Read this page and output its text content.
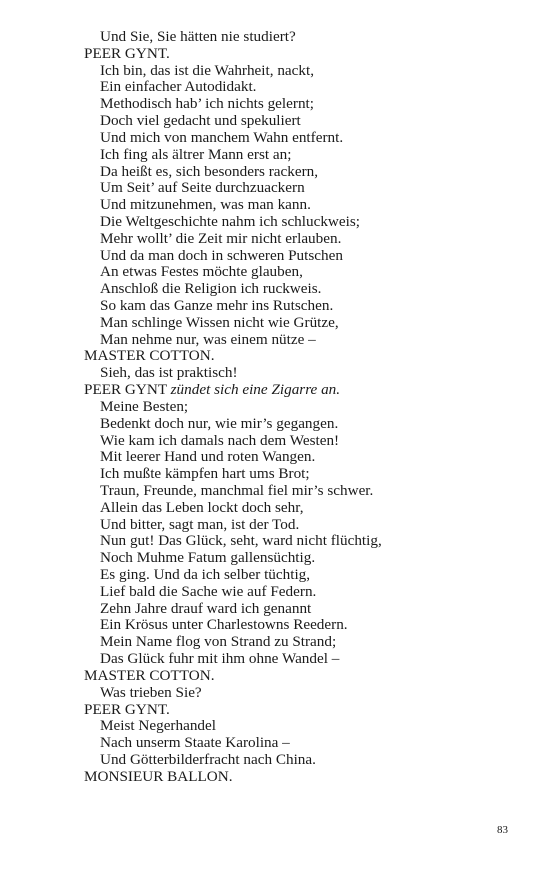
Und Sie, Sie hätten nie studiert?
PEER GYNT.
Ich bin, das ist die Wahrheit, nackt,
Ein einfacher Autodidakt.
Methodisch hab’ ich nichts gelernt;
Doch viel gedacht und spekuliert
Und mich von manchem Wahn entfernt.
Ich fing als ältrer Mann erst an;
Da heißt es, sich besonders rackern,
Um Seit’ auf Seite durchzuackern
Und mitzunehmen, was man kann.
Die Weltgeschichte nahm ich schluckweis;
Mehr wollt’ die Zeit mir nicht erlauben.
Und da man doch in schweren Putschen
An etwas Festes möchte glauben,
Anschloß die Religion ich ruckweis.
So kam das Ganze mehr ins Rutschen.
Man schlinge Wissen nicht wie Grütze,
Man nehme nur, was einem nütze –
MASTER COTTON.
Sieh, das ist praktisch!
PEER GYNT zündet sich eine Zigarre an.
Meine Besten;
Bedenkt doch nur, wie mir’s gegangen.
Wie kam ich damals nach dem Westen!
Mit leerer Hand und roten Wangen.
Ich mußte kämpfen hart ums Brot;
Traun, Freunde, manchmal fiel mir’s schwer.
Allein das Leben lockt doch sehr,
Und bitter, sagt man, ist der Tod.
Nun gut! Das Glück, seht, ward nicht flüchtig,
Noch Muhme Fatum gallensüchtig.
Es ging. Und da ich selber tüchtig,
Lief bald die Sache wie auf Federn.
Zehn Jahre drauf ward ich genannt
Ein Krösus unter Charlestowns Reedern.
Mein Name flog von Strand zu Strand;
Das Glück fuhr mit ihm ohne Wandel –
MASTER COTTON.
Was trieben Sie?
PEER GYNT.
Meist Negerhandel
Nach unserm Staate Karolina –
Und Götterbilderfracht nach China.
MONSIEUR BALLON.
83
